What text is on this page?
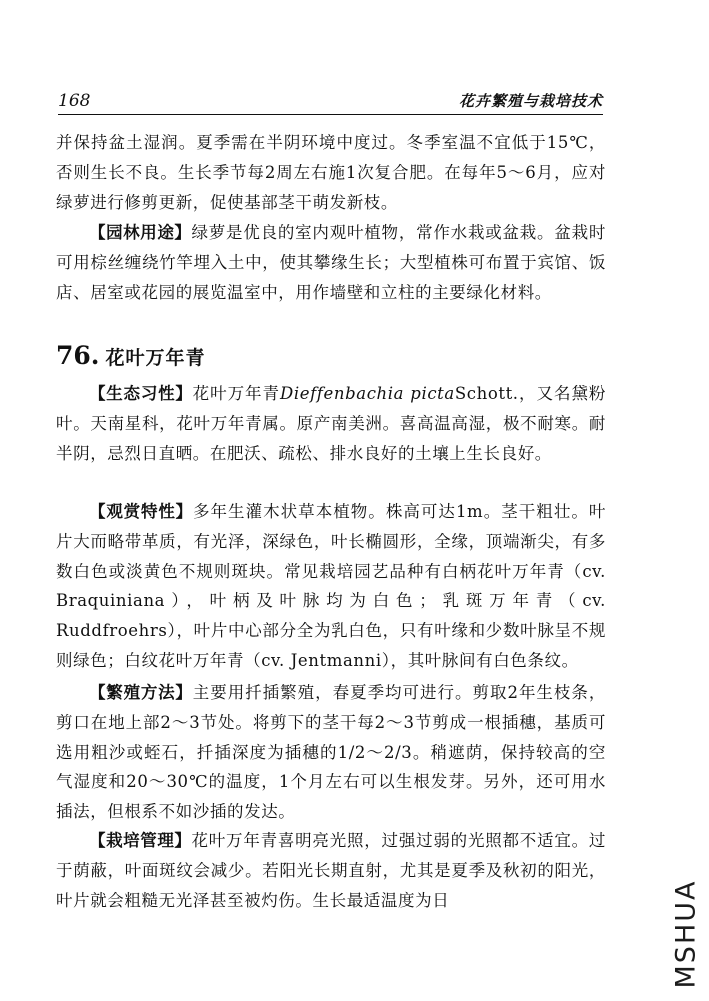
168	花卉繁殖与栽培技术

并保持盆土湿润。夏季需在半阴环境中度过。冬季室温不宜低于15℃，否则生长不良。生长季节每2周左右施1次复合肥。在每年5～6月，应对绿萝进行修剪更新，促使基部茎干萌发新枝。

【园林用途】绿萝是优良的室内观叶植物，常作水栽或盆栽。盆栽时可用棕丝缠绕竹竿埋入土中，使其攀缘生长；大型植株可布置于宾馆、饭店、居室或花园的展览温室中，用作墙壁和立柱的主要绿化材料。

76. 花叶万年青

【生态习性】花叶万年青Dieffenbachia pictaSchott.，又名黛粉叶。天南星科，花叶万年青属。原产南美洲。喜高温高湿，极不耐寒。耐半阴，忌烈日直晒。在肥沃、疏松、排水良好的土壤上生长良好。

【观赏特性】多年生灌木状草本植物。株高可达1m。茎干粗壮。叶片大而略带革质，有光泽，深绿色，叶长椭圆形，全缘，顶端渐尖，有多数白色或淡黄色不规则斑块。常见栽培园艺品种有白柄花叶万年青（cv. Braquiniana），叶柄及叶脉均为白色；乳斑万年青（cv. Ruddfroehrs），叶片中心部分全为乳白色，只有叶缘和少数叶脉呈不规则绿色；白纹花叶万年青（cv. Jentmanni），其叶脉间有白色条纹。

【繁殖方法】主要用扦插繁殖，春夏季均可进行。剪取2年生枝条，剪口在地上部2～3节处。将剪下的茎干每2～3节剪成一根插穗，基质可选用粗沙或蛭石，扦插深度为插穗的1/2～2/3。稍遮荫，保持较高的空气湿度和20～30℃的温度，1个月左右可以生根发芽。另外，还可用水插法，但根系不如沙插的发达。

【栽培管理】花叶万年青喜明亮光照，过强过弱的光照都不适宜。过于荫蔽，叶面斑纹会减少。若阳光长期直射，尤其是夏季及秋初的阳光，叶片就会粗糙无光泽甚至被灼伤。生长最适温度为日	MSHUA
